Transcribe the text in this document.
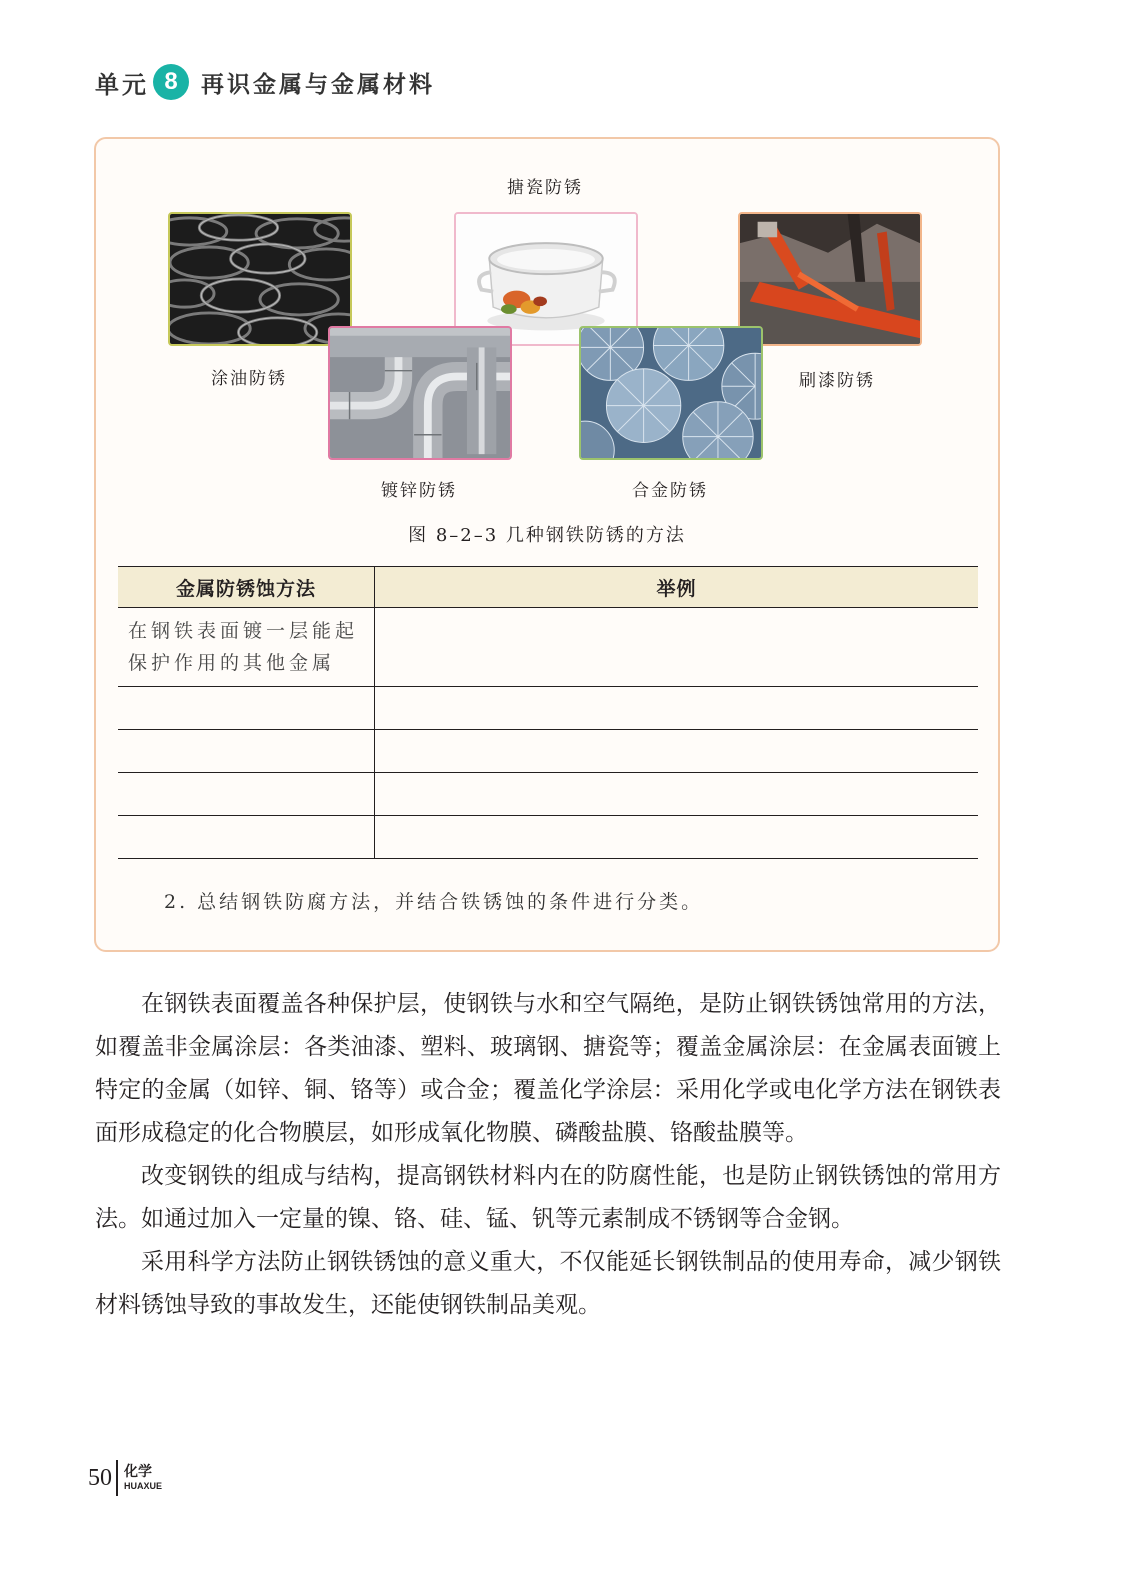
单元 8	再识金属与金属材料
搪瓷防锈
涂油防锈	刷漆防锈
镀锌防锈	合金防锈
图 8–2–3 几种钢铁防锈的方法
金属防锈蚀方法	举例
在钢铁表面镀一层能起保护作用的其他金属	

2. 总结钢铁防腐方法，并结合铁锈蚀的条件进行分类。

在钢铁表面覆盖各种保护层，使钢铁与水和空气隔绝，是防止钢铁锈蚀常用的方法，如覆盖非金属涂层：各类油漆、塑料、玻璃钢、搪瓷等；覆盖金属涂层：在金属表面镀上特定的金属（如锌、铜、铬等）或合金；覆盖化学涂层：采用化学或电化学方法在钢铁表面形成稳定的化合物膜层，如形成氧化物膜、磷酸盐膜、铬酸盐膜等。

改变钢铁的组成与结构，提高钢铁材料内在的防腐性能，也是防止钢铁锈蚀的常用方法。如通过加入一定量的镍、铬、硅、锰、钒等元素制成不锈钢等合金钢。

采用科学方法防止钢铁锈蚀的意义重大，不仅能延长钢铁制品的使用寿命，减少钢铁材料锈蚀导致的事故发生，还能使钢铁制品美观。

50 化学
HUAXUE
